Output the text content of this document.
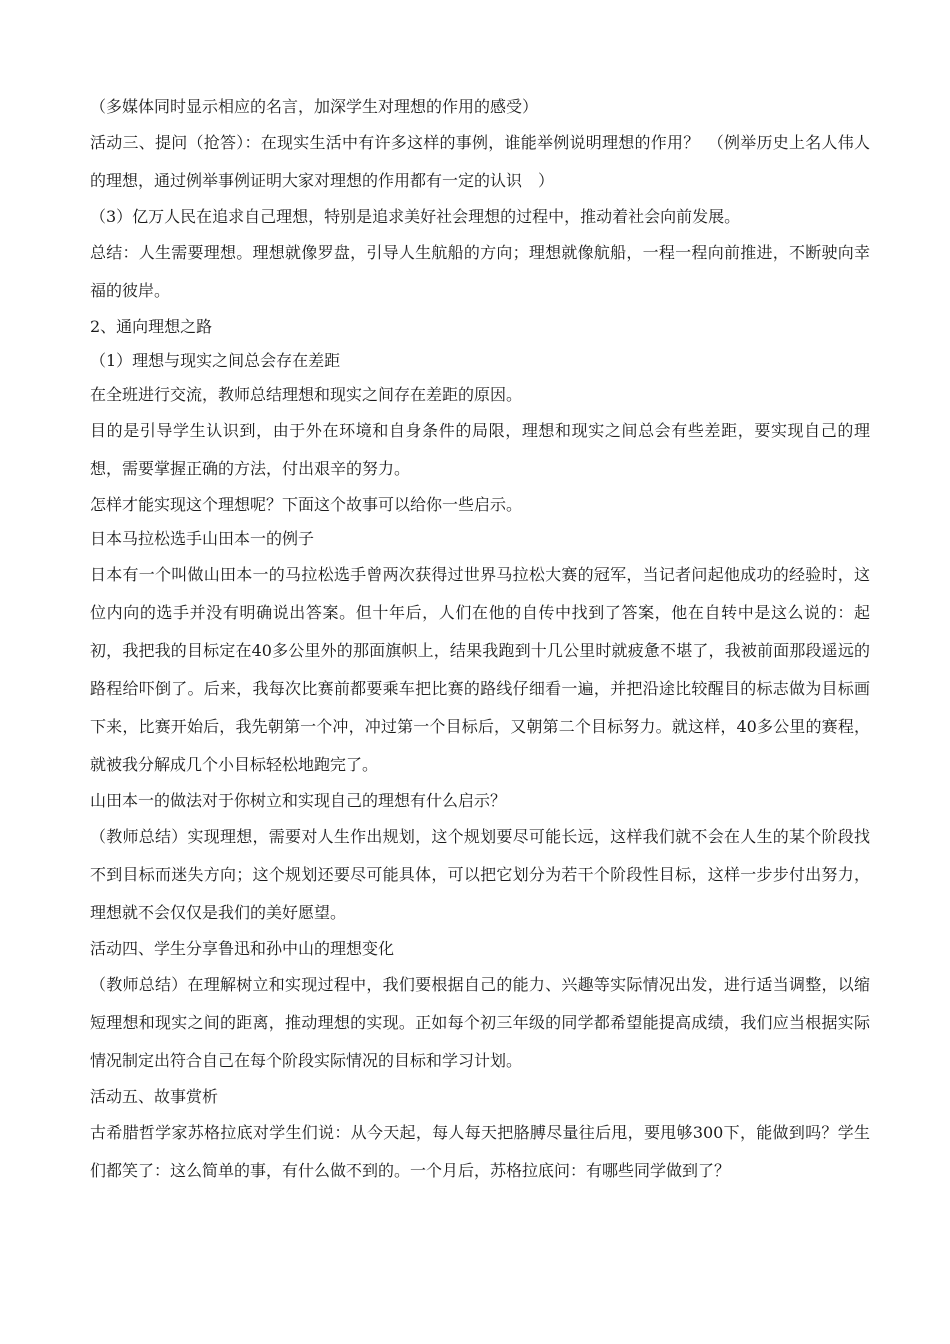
（多媒体同时显示相应的名言，加深学生对理想的作用的感受）

活动三、提问（抢答）：在现实生活中有许多这样的事例，谁能举例说明理想的作用？　（例举历史上名人伟人的理想，通过例举事例证明大家对理想的作用都有一定的认识　）

（3）亿万人民在追求自己理想，特别是追求美好社会理想的过程中，推动着社会向前发展。

总结：人生需要理想。理想就像罗盘，引导人生航船的方向；理想就像航船，一程一程向前推进，不断驶向幸福的彼岸。

2、通向理想之路

（1）理想与现实之间总会存在差距

在全班进行交流，教师总结理想和现实之间存在差距的原因。

目的是引导学生认识到，由于外在环境和自身条件的局限，理想和现实之间总会有些差距，要实现自己的理想，需要掌握正确的方法，付出艰辛的努力。

怎样才能实现这个理想呢？下面这个故事可以给你一些启示。

日本马拉松选手山田本一的例子

日本有一个叫做山田本一的马拉松选手曾两次获得过世界马拉松大赛的冠军，当记者问起他成功的经验时，这位内向的选手并没有明确说出答案。但十年后，人们在他的自传中找到了答案，他在自转中是这么说的：起初，我把我的目标定在40多公里外的那面旗帜上，结果我跑到十几公里时就疲惫不堪了，我被前面那段遥远的路程给吓倒了。后来，我每次比赛前都要乘车把比赛的路线仔细看一遍，并把沿途比较醒目的标志做为目标画下来，比赛开始后，我先朝第一个冲，冲过第一个目标后，又朝第二个目标努力。就这样，40多公里的赛程，就被我分解成几个小目标轻松地跑完了。

山田本一的做法对于你树立和实现自己的理想有什么启示？

（教师总结）实现理想，需要对人生作出规划，这个规划要尽可能长远，这样我们就不会在人生的某个阶段找不到目标而迷失方向；这个规划还要尽可能具体，可以把它划分为若干个阶段性目标，这样一步步付出努力，理想就不会仅仅是我们的美好愿望。

活动四、学生分享鲁迅和孙中山的理想变化

（教师总结）在理解树立和实现过程中，我们要根据自己的能力、兴趣等实际情况出发，进行适当调整，以缩短理想和现实之间的距离，推动理想的实现。正如每个初三年级的同学都希望能提高成绩，我们应当根据实际情况制定出符合自己在每个阶段实际情况的目标和学习计划。

活动五、故事赏析

古希腊哲学家苏格拉底对学生们说：从今天起，每人每天把胳膊尽量往后甩，要甩够300下，能做到吗？学生们都笑了：这么简单的事，有什么做不到的。一个月后，苏格拉底问：有哪些同学做到了？
